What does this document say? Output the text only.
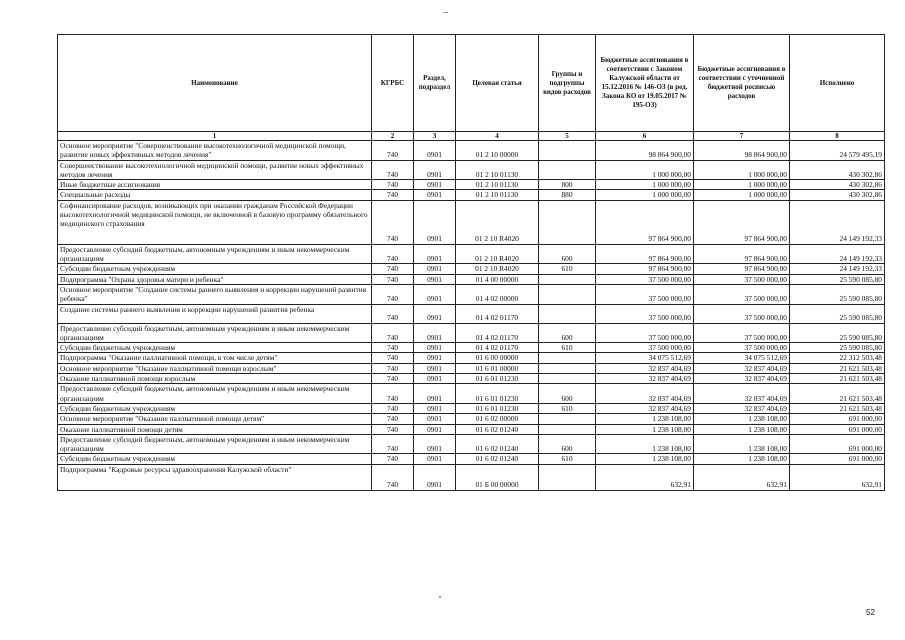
Наименование	КГРБС	Раздел, подраздел	Целевая статья	Группы и подгруппы видов расходов	Бюджетные ассигнования в соответствии с Законом Калужской области от 15.12.2016 № 146-ОЗ (в ред. Закона КО от 19.05.2017 № 195-ОЗ)	Бюджетные ассигнования в соответствии с уточненной бюджетной росписью расходов	Исполнено
1	2	3	4	5	6	7	8
Основное мероприятие "Совершенствование высокотехнологичной медицинской помощи, развитие новых эффективных методов лечения"	740	0901	01 2 10 00000		98 864 900,00	98 864 900,00	24 579 495,19
Совершенствование высокотехнологичной медицинской помощи, развитие новых эффективных методов лечения	740	0901	01 2 10 01130		1 000 000,00	1 000 000,00	430 302,86
Иные бюджетные ассигнования	740	0901	01 2 10 01130	800	1 000 000,00	1 000 000,00	430 302,86
Специальные расходы	740	0901	01 2 10 01130	880	1 000 000,00	1 000 000,00	430 302,86
Софинансирование расходов, возникающих при оказании гражданам Российской Федерации высокотехнологичной медицинской помощи, не включенной в базовую программу обязательного медицинского страхования	740	0901	01 2 10 R4020		97 864 900,00	97 864 900,00	24 149 192,33
Предоставление субсидий бюджетным, автономным учреждениям и иным некоммерческим организациям	740	0901	01 2 10 R4020	600	97 864 900,00	97 864 900,00	24 149 192,33
Субсидии бюджетным учреждениям	740	0901	01 2 10 R4020	610	97 864 900,00	97 864 900,00	24 149 192,33
Подпрограмма "Охрана здоровья матери и ребенка"	740	0901	01 4 00 00000		37 500 000,00	37 500 000,00	25 590 085,80
Основное мероприятие "Создание системы раннего выявления и коррекции нарушений развития ребенка"	740	0901	01 4 02 00000		37 500 000,00	37 500 000,00	25 590 085,80
Создание системы раннего выявления и коррекции нарушений развития ребенка	740	0901	01 4 02 01170		37 500 000,00	37 500 000,00	25 590 085,80
Предоставление субсидий бюджетным, автономным учреждениям и иным некоммерческим организациям	740	0901	01 4 02 01170	600	37 500 000,00	37 500 000,00	25 590 085,80
Субсидии бюджетным учреждениям	740	0901	01 4 02 01170	610	37 500 000,00	37 500 000,00	25 590 085,80
Подпрограмма "Оказание паллиативной помощи, в том числе детям"	740	0901	01 6 00 00000		34 075 512,69	34 075 512,69	22 312 503,48
Основное мероприятие "Оказание паллиативной помощи взрослым"	740	0901	01 6 01 00000		32 837 404,69	32 837 404,69	21 621 503,48
Оказание паллиативной помощи взрослым	740	0901	01 6 01 01230		32 837 404,69	32 837 404,69	21 621 503,48
Предоставление субсидий бюджетным, автономным учреждениям и иным некоммерческим организациям	740	0901	01 6 01 01230	600	32 837 404,69	32 837 404,69	21 621 503,48
Субсидии бюджетным учреждениям	740	0901	01 6 01 01230	610	32 837 404,69	32 837 404,69	21 621 503,48
Основное мероприятие "Оказание паллиативной помощи детям"	740	0901	01 6 02 00000		1 238 108,00	1 238 108,00	691 000,00
Оказание паллиативной помощи детям	740	0901	01 6 02 01240		1 238 108,00	1 238 108,00	691 000,00
Предоставление субсидий бюджетным, автономным учреждениям и иным некоммерческим организациям	740	0901	01 6 02 01240	600	1 238 108,00	1 238 108,00	691 000,00
Субсидии бюджетным учреждениям	740	0901	01 6 02 01240	610	1 238 108,00	1 238 108,00	691 000,00
Подпрограмма "Кадровые ресурсы здравоохранения Калужской области"	740	0901	01 Б 00 00000		632,91	632,91	632,91
52
